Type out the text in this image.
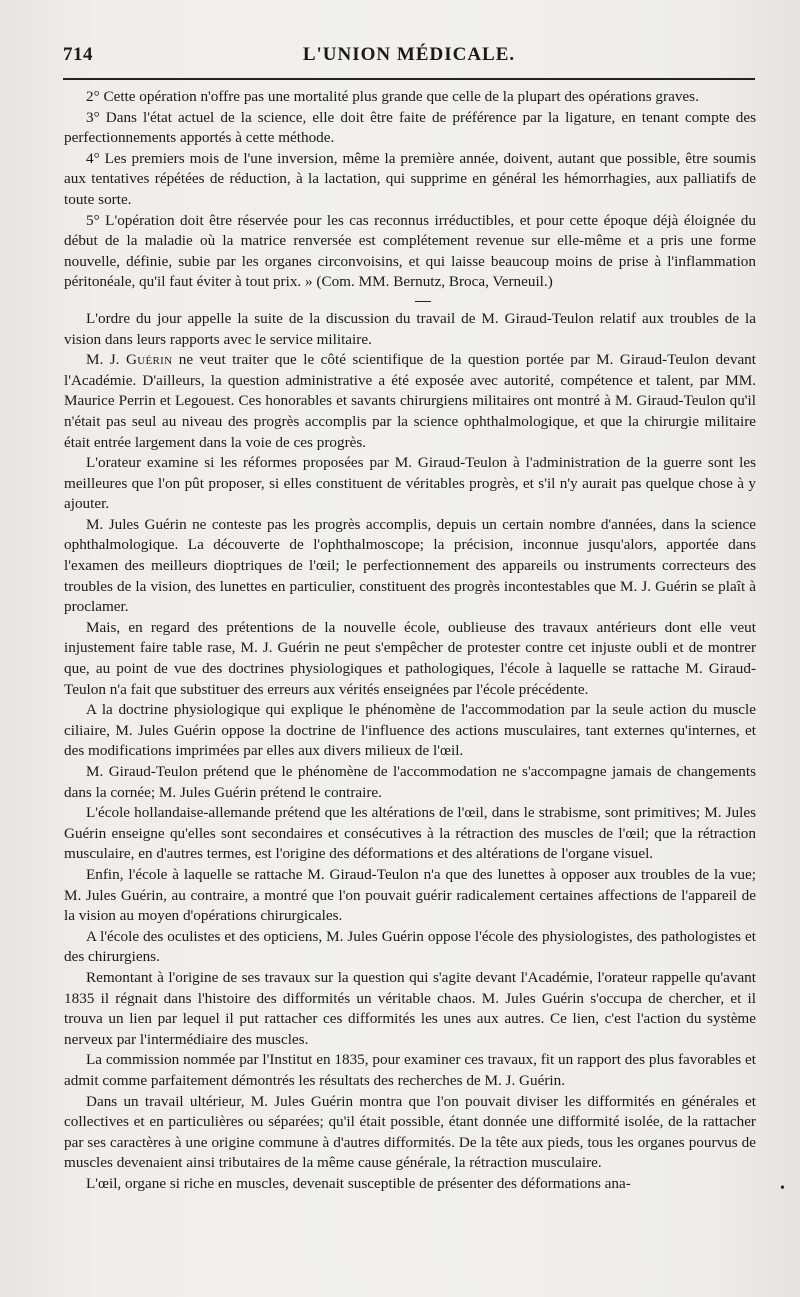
714	L'UNION MÉDICALE.

2° Cette opération n'offre pas une mortalité plus grande que celle de la plupart des opérations graves.

3° Dans l'état actuel de la science, elle doit être faite de préférence par la ligature, en tenant compte des perfectionnements apportés à cette méthode.

4° Les premiers mois de l'une inversion, même la première année, doivent, autant que possible, être soumis aux tentatives répétées de réduction, à la lactation, qui supprime en général les hémorrhagies, aux palliatifs de toute sorte.

5° L'opération doit être réservée pour les cas reconnus irréductibles, et pour cette époque déjà éloignée du début de la maladie où la matrice renversée est complétement revenue sur elle-même et a pris une forme nouvelle, définie, subie par les organes circonvoisins, et qui laisse beaucoup moins de prise à l'inflammation péritonéale, qu'il faut éviter à tout prix. » (Com. MM. Bernutz, Broca, Verneuil.)

L'ordre du jour appelle la suite de la discussion du travail de M. Giraud-Teulon relatif aux troubles de la vision dans leurs rapports avec le service militaire.

M. J. Guérin ne veut traiter que le côté scientifique de la question portée par M. Giraud-Teulon devant l'Académie. D'ailleurs, la question administrative a été exposée avec autorité, compétence et talent, par MM. Maurice Perrin et Legouest. Ces honorables et savants chirurgiens militaires ont montré à M. Giraud-Teulon qu'il n'était pas seul au niveau des progrès accomplis par la science ophthalmologique, et que la chirurgie militaire était entrée largement dans la voie de ces progrès.

L'orateur examine si les réformes proposées par M. Giraud-Teulon à l'administration de la guerre sont les meilleures que l'on pût proposer, si elles constituent de véritables progrès, et s'il n'y aurait pas quelque chose à y ajouter.

M. Jules Guérin ne conteste pas les progrès accomplis, depuis un certain nombre d'années, dans la science ophthalmologique. La découverte de l'ophthalmoscope; la précision, inconnue jusqu'alors, apportée dans l'examen des meilleurs dioptriques de l'œil; le perfectionnement des appareils ou instruments correcteurs des troubles de la vision, des lunettes en particulier, constituent des progrès incontestables que M. J. Guérin se plaît à proclamer.

Mais, en regard des prétentions de la nouvelle école, oublieuse des travaux antérieurs dont elle veut injustement faire table rase, M. J. Guérin ne peut s'empêcher de protester contre cet injuste oubli et de montrer que, au point de vue des doctrines physiologiques et pathologiques, l'école à laquelle se rattache M. Giraud-Teulon n'a fait que substituer des erreurs aux vérités enseignées par l'école précédente.

A la doctrine physiologique qui explique le phénomène de l'accommodation par la seule action du muscle ciliaire, M. Jules Guérin oppose la doctrine de l'influence des actions musculaires, tant externes qu'internes, et des modifications imprimées par elles aux divers milieux de l'œil.

M. Giraud-Teulon prétend que le phénomène de l'accommodation ne s'accompagne jamais de changements dans la cornée; M. Jules Guérin prétend le contraire.

L'école hollandaise-allemande prétend que les altérations de l'œil, dans le strabisme, sont primitives; M. Jules Guérin enseigne qu'elles sont secondaires et consécutives à la rétraction des muscles de l'œil; que la rétraction musculaire, en d'autres termes, est l'origine des déformations et des altérations de l'organe visuel.

Enfin, l'école à laquelle se rattache M. Giraud-Teulon n'a que des lunettes à opposer aux troubles de la vue; M. Jules Guérin, au contraire, a montré que l'on pouvait guérir radicalement certaines affections de l'appareil de la vision au moyen d'opérations chirurgicales.

A l'école des oculistes et des opticiens, M. Jules Guérin oppose l'école des physiologistes, des pathologistes et des chirurgiens.

Remontant à l'origine de ses travaux sur la question qui s'agite devant l'Académie, l'orateur rappelle qu'avant 1835 il régnait dans l'histoire des difformités un véritable chaos. M. Jules Guérin s'occupa de chercher, et il trouva un lien par lequel il put rattacher ces difformités les unes aux autres. Ce lien, c'est l'action du système nerveux par l'intermédiaire des muscles.

La commission nommée par l'Institut en 1835, pour examiner ces travaux, fit un rapport des plus favorables et admit comme parfaitement démontrés les résultats des recherches de M. J. Guérin.

Dans un travail ultérieur, M. Jules Guérin montra que l'on pouvait diviser les difformités en générales et collectives et en particulières ou séparées; qu'il était possible, étant donnée une difformité isolée, de la rattacher par ses caractères à une origine commune à d'autres difformités. De la tête aux pieds, tous les organes pourvus de muscles devenaient ainsi tributaires de la même cause générale, la rétraction musculaire.

L'œil, organe si riche en muscles, devenait susceptible de présenter des déformations ana-	•
